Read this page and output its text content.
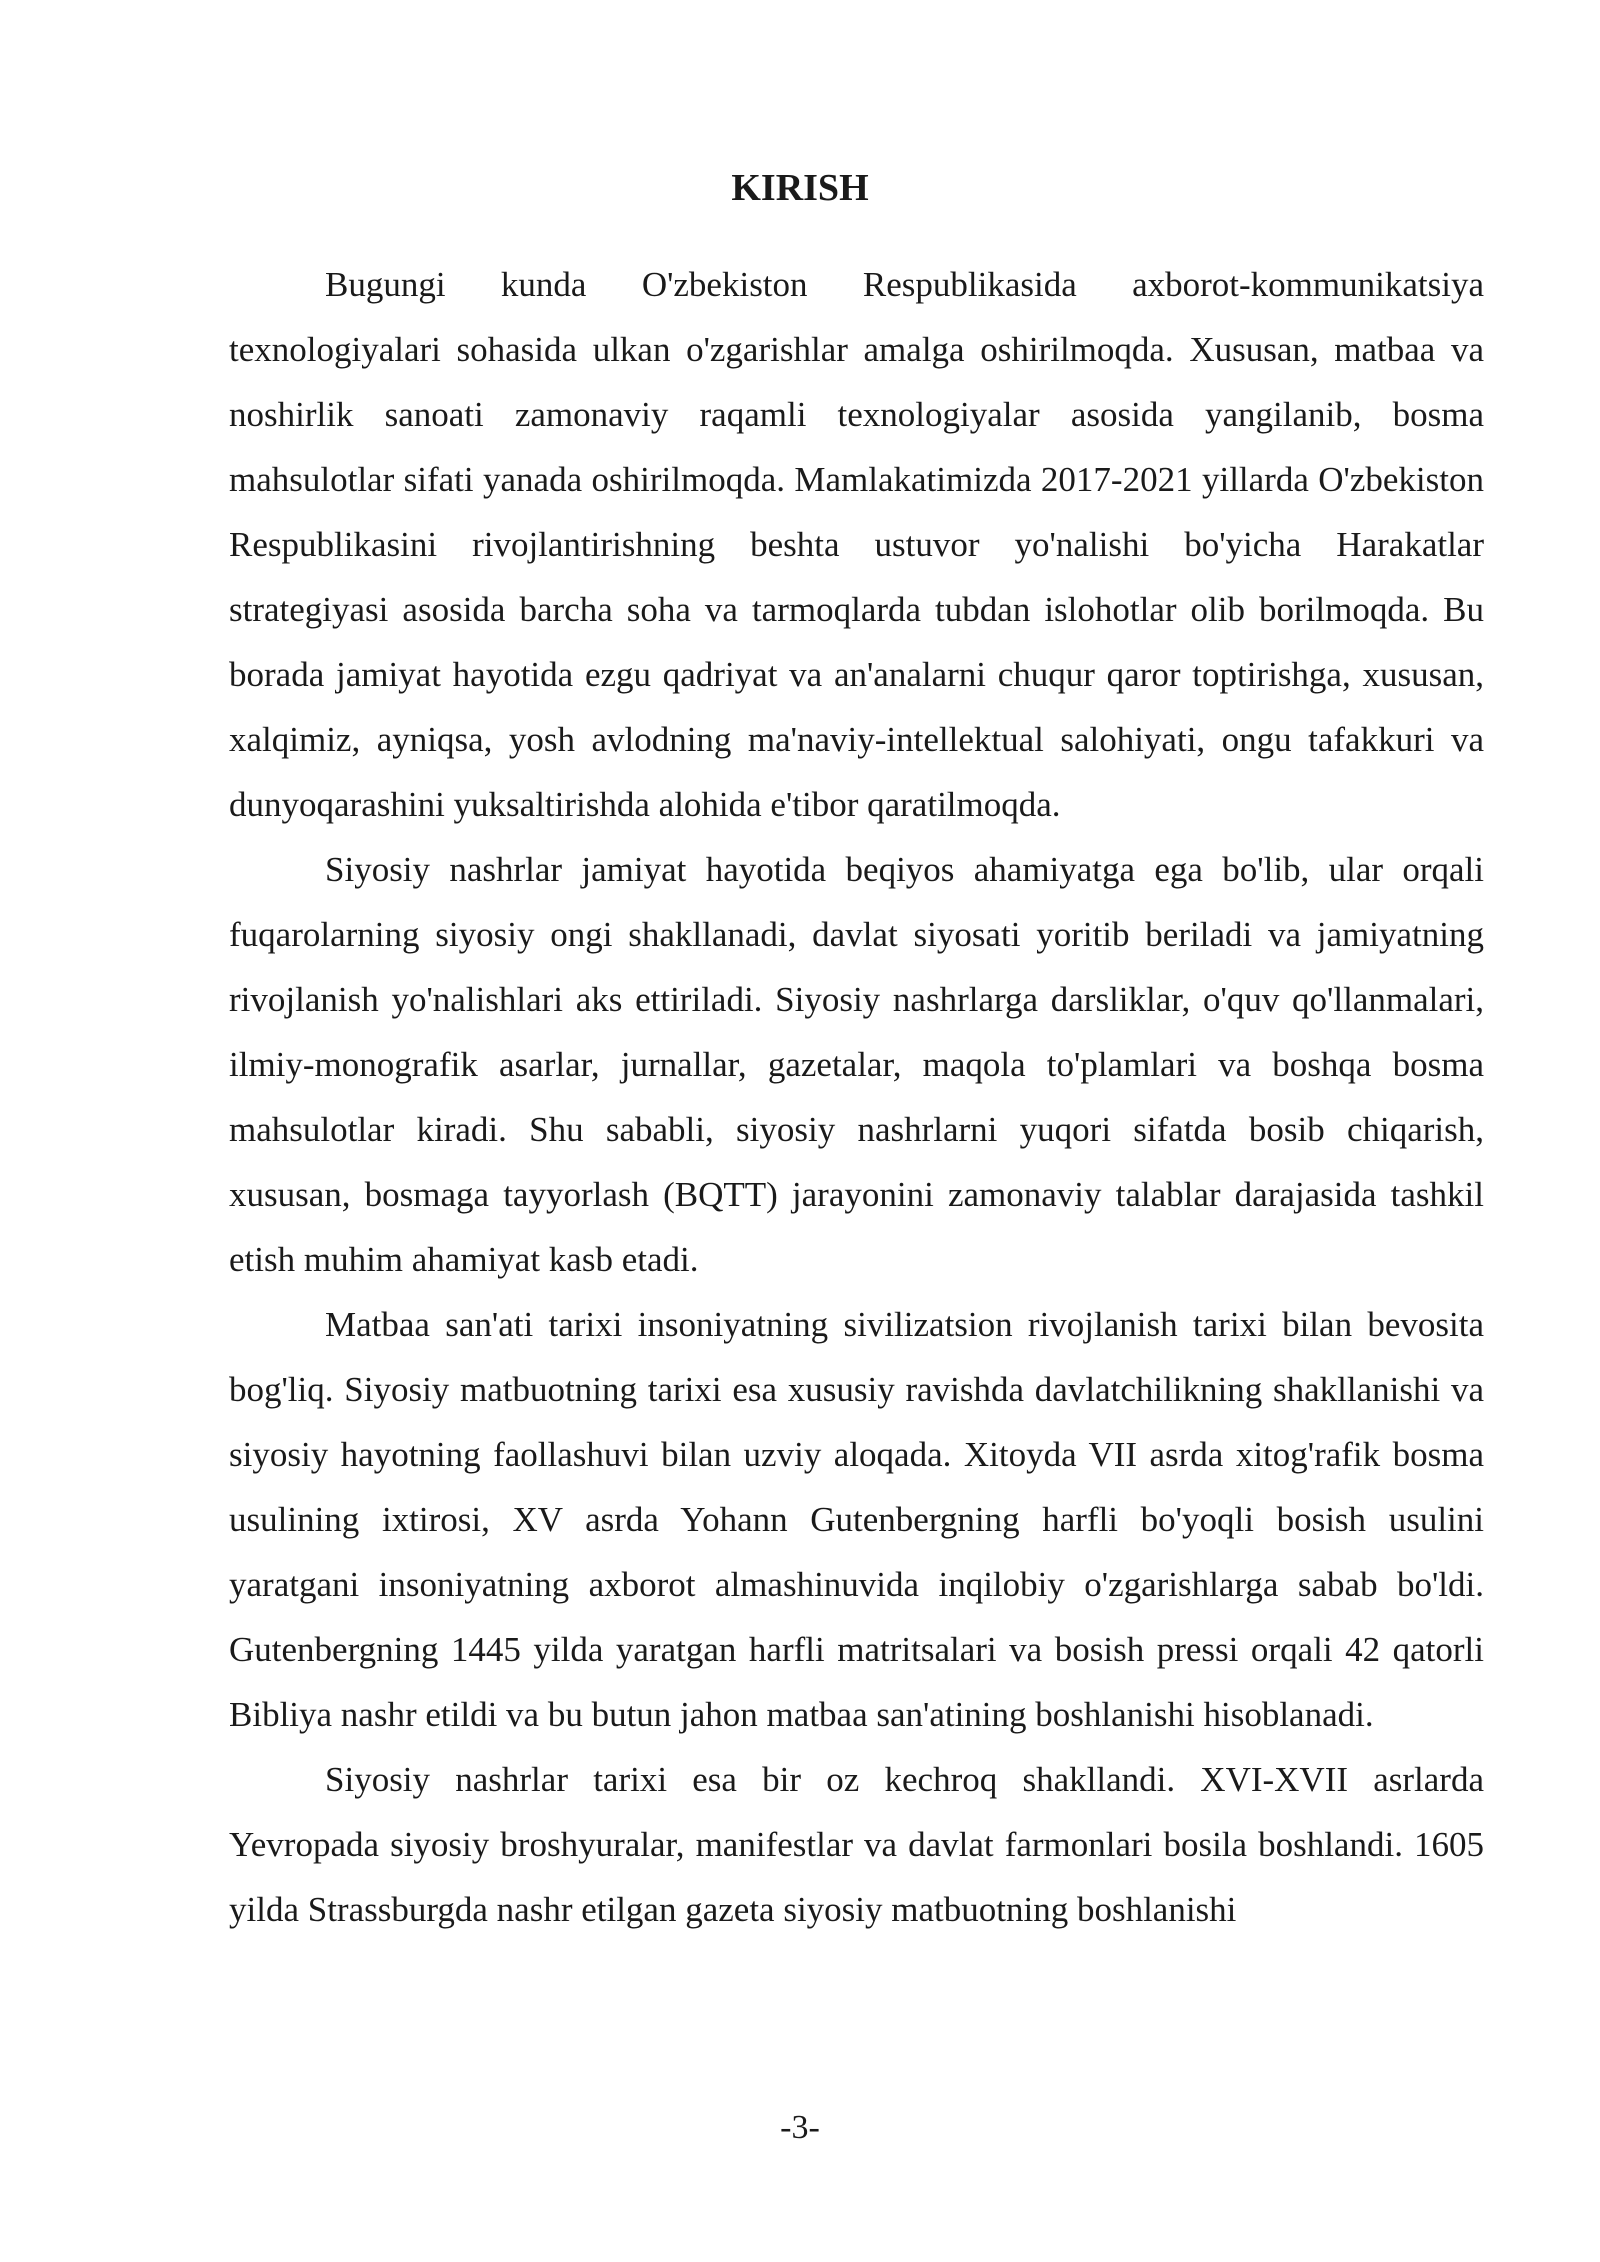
KIRISH

Bugungi kunda O'zbekiston Respublikasida axborot-kommunikatsiya texnologiyalari sohasida ulkan o'zgarishlar amalga oshirilmoqda. Xususan, matbaa va noshirlik sanoati zamonaviy raqamli texnologiyalar asosida yangilanib, bosma mahsulotlar sifati yanada oshirilmoqda. Mamlakatimizda 2017-2021 yillarda O'zbekiston Respublikasini rivojlantirishning beshta ustuvor yo'nalishi bo'yicha Harakatlar strategiyasi asosida barcha soha va tarmoqlarda tubdan islohotlar olib borilmoqda. Bu borada jamiyat hayotida ezgu qadriyat va an'analarni chuqur qaror toptirishga, xususan, xalqimiz, ayniqsa, yosh avlodning ma'naviy-intellektual salohiyati, ongu tafakkuri va dunyoqarashini yuksaltirishda alohida e'tibor qaratilmoqda.

Siyosiy nashrlar jamiyat hayotida beqiyos ahamiyatga ega bo'lib, ular orqali fuqarolarning siyosiy ongi shakllanadi, davlat siyosati yoritib beriladi va jamiyatning rivojlanish yo'nalishlari aks ettiriladi. Siyosiy nashrlarga darsliklar, o'quv qo'llanmalari, ilmiy-monografik asarlar, jurnallar, gazetalar, maqola to'plamlari va boshqa bosma mahsulotlar kiradi. Shu sababli, siyosiy nashrlarni yuqori sifatda bosib chiqarish, xususan, bosmaga tayyorlash (BQTT) jarayonini zamonaviy talablar darajasida tashkil etish muhim ahamiyat kasb etadi.

Matbaa san'ati tarixi insoniyatning sivilizatsion rivojlanish tarixi bilan bevosita bog'liq. Siyosiy matbuotning tarixi esa xususiy ravishda davlatchilikning shakllanishi va siyosiy hayotning faollashuvi bilan uzviy aloqada. Xitoyda VII asrda xitog'rafik bosma usulining ixtirosi, XV asrda Yohann Gutenbergning harfli bo'yoqli bosish usulini yaratgani insoniyatning axborot almashinuvida inqilobiy o'zgarishlarga sabab bo'ldi. Gutenbergning 1445 yilda yaratgan harfli matritsalari va bosish pressi orqali 42 qatorli Bibliya nashr etildi va bu butun jahon matbaa san'atining boshlanishi hisoblanadi.

Siyosiy nashrlar tarixi esa bir oz kechroq shakllandi. XVI-XVII asrlarda Yevropada siyosiy broshyuralar, manifestlar va davlat farmonlari bosila boshlandi. 1605 yilda Strassburgda nashr etilgan gazeta siyosiy matbuotning boshlanishi

-3-
